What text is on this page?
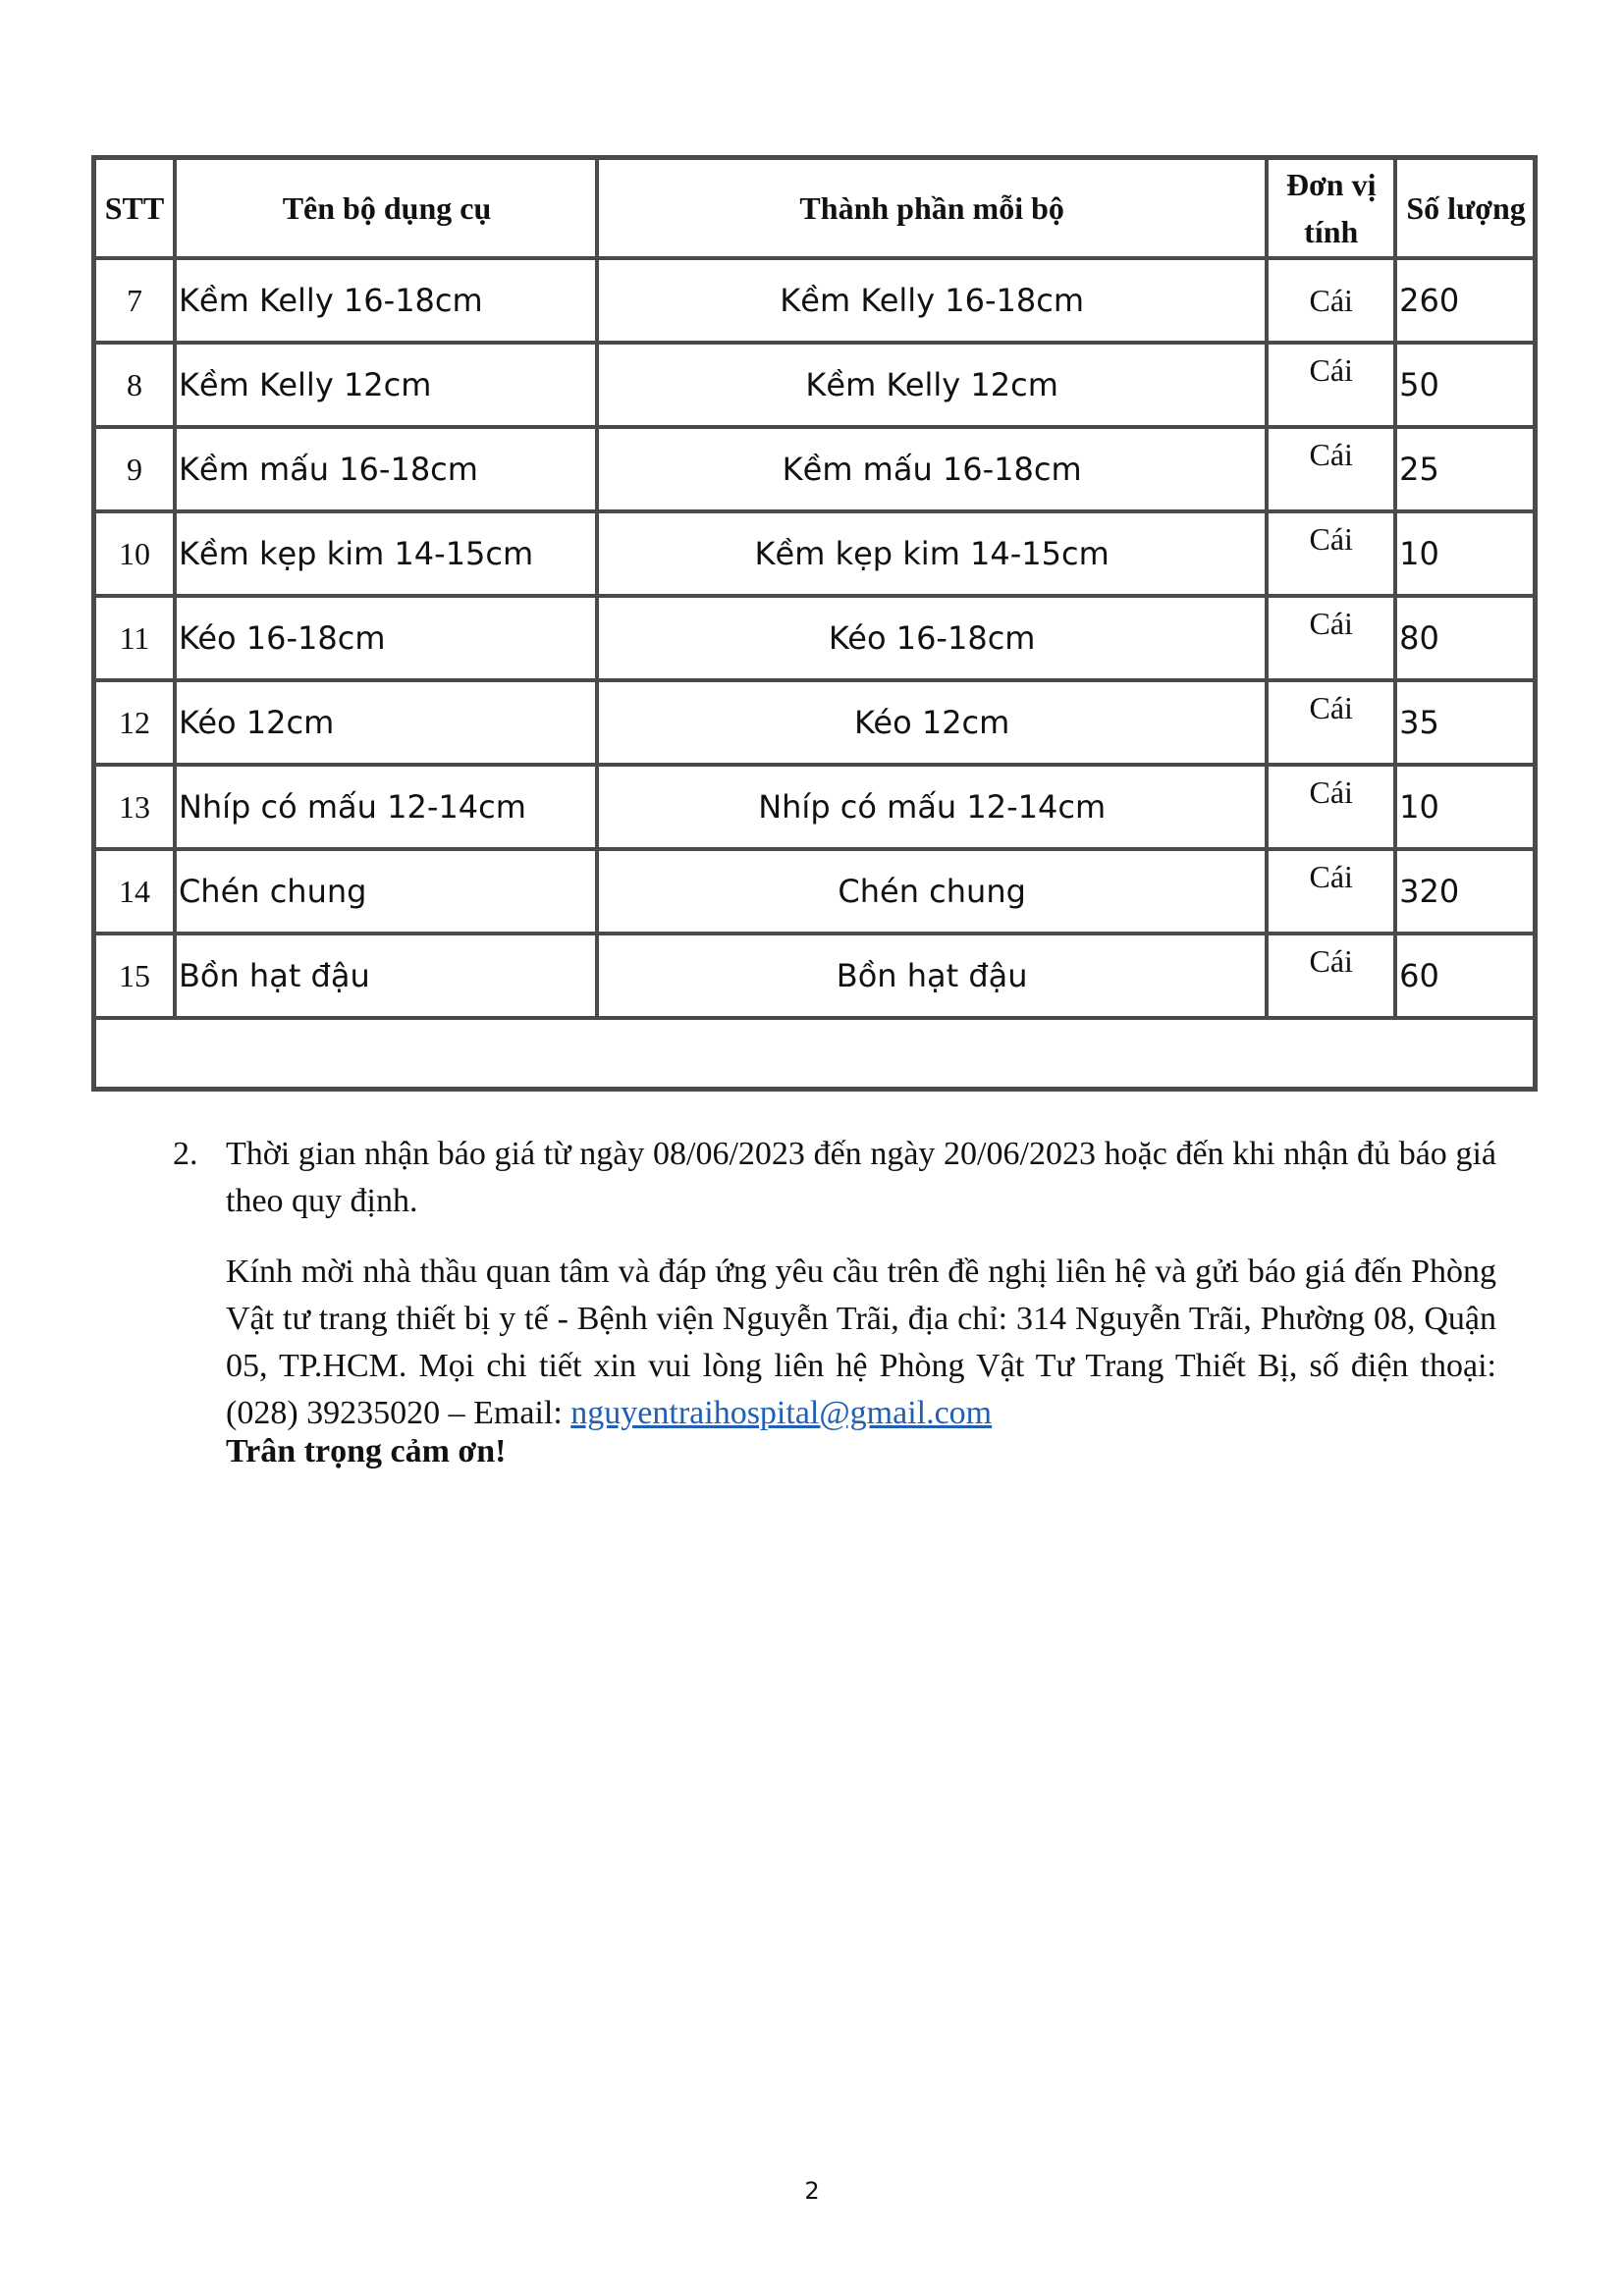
STT	Tên bộ dụng cụ	Thành phần mỗi bộ	Đơn vị tính	Số lượng
7	Kềm Kelly 16-18cm	Kềm Kelly 16-18cm	Cái	260
8	Kềm Kelly 12cm	Kềm Kelly 12cm	Cái	50
9	Kềm mấu 16-18cm	Kềm mấu 16-18cm	Cái	25
10	Kềm kẹp kim 14-15cm	Kềm kẹp kim 14-15cm	Cái	10
11	Kéo 16-18cm	Kéo 16-18cm	Cái	80
12	Kéo 12cm	Kéo 12cm	Cái	35
13	Nhíp có mấu 12-14cm	Nhíp có mấu 12-14cm	Cái	10
14	Chén chung	Chén chung	Cái	320
15	Bồn hạt đậu	Bồn hạt đậu	Cái	60

2. Thời gian nhận báo giá từ ngày 08/06/2023 đến ngày 20/06/2023 hoặc đến khi nhận đủ báo giá theo quy định.
Kính mời nhà thầu quan tâm và đáp ứng yêu cầu trên đề nghị liên hệ và gửi báo giá đến Phòng Vật tư trang thiết bị y tế - Bệnh viện Nguyễn Trãi, địa chỉ: 314 Nguyễn Trãi, Phường 08, Quận 05, TP.HCM. Mọi chi tiết xin vui lòng liên hệ Phòng Vật Tư Trang Thiết Bị, số điện thoại: (028) 39235020 – Email: nguyentraihospital@gmail.com
Trân trọng cảm ơn!
2
